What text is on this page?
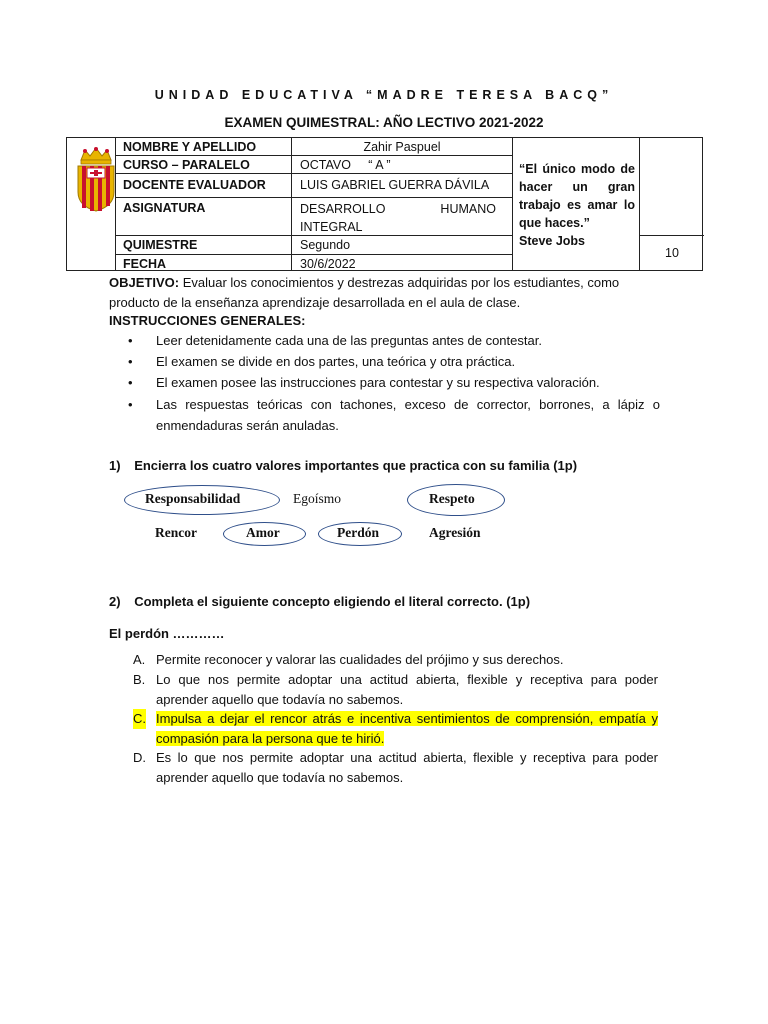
UNIDAD EDUCATIVA “MADRE TERESA BACQ”
EXAMEN QUIMESTRAL: AÑO LECTIVO 2021-2022
NOMBRE Y APELLIDO	Zahir Paspuel
CURSO – PARALELO	OCTAVO     “ A ”
DOCENTE EVALUADOR	LUIS GABRIEL GUERRA DÁVILA
ASIGNATURA	DESARROLLO HUMANO INTEGRAL
QUIMESTRE	Segundo
FECHA	30/6/2022
“El único modo de hacer un gran trabajo es amar lo que haces.”
Steve Jobs
10
OBJETIVO: Evaluar los conocimientos y destrezas adquiridas por los estudiantes, como producto de la enseñanza aprendizaje desarrollada en el aula de clase.
INSTRUCCIONES GENERALES:
• Leer detenidamente cada una de las preguntas antes de contestar.
• El examen se divide en dos partes, una teórica y otra práctica.
• El examen posee las instrucciones para contestar y su respectiva valoración.
• Las respuestas teóricas con tachones, exceso de corrector, borrones, a lápiz o enmendaduras serán anuladas.
1) Encierra los cuatro valores importantes que practica con su familia (1p)
Responsabilidad	Egoísmo	Respeto
Rencor	Amor	Perdón	Agresión
2) Completa el siguiente concepto eligiendo el literal correcto. (1p)
El perdón …………
A. Permite reconocer y valorar las cualidades del prójimo y sus derechos.
B. Lo que nos permite adoptar una actitud abierta, flexible y receptiva para poder aprender aquello que todavía no sabemos.
C. Impulsa a dejar el rencor atrás e incentiva sentimientos de comprensión, empatía y compasión para la persona que te hirió.
D. Es lo que nos permite adoptar una actitud abierta, flexible y receptiva para poder aprender aquello que todavía no sabemos.
